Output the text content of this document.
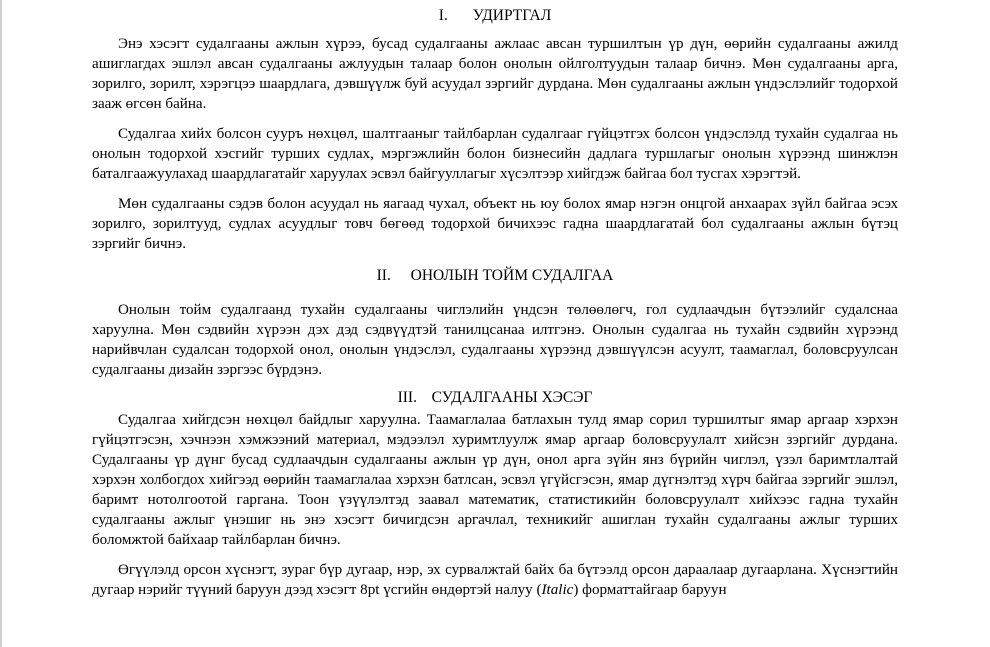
I. УДИРТГАЛ

Энэ хэсэгт судалгааны ажлын хүрээ, бусад судалгааны ажлаас авсан туршилтын үр дүн, өөрийн судалгааны ажилд ашиглагдах эшлэл авсан судалгааны ажлуудын талаар болон онолын ойлголтуудын талаар бичнэ. Мөн судалгааны арга, зорилго, зорилт, хэрэгцээ шаардлага, дэвшүүлж буй асуудал зэргийг дурдана. Мөн судалгааны ажлын үндэслэлийг тодорхой зааж өгсөн байна.

Судалгаа хийх болсон сууръ нөхцөл, шалтгааныг тайлбарлан судалгааг гүйцэтгэх болсон үндэслэлд тухайн судалгаа нь онолын тодорхой хэсгийг турших судлах, мэргэжлийн болон бизнесийн дадлага туршлагыг онолын хүрээнд шинжлэн баталгаажуулахад шаардлагатайг харуулах эсвэл байгууллагыг хүсэлтээр хийгдэж байгаа бол тусгах хэрэгтэй.

Мөн судалгааны сэдэв болон асуудал нь яагаад чухал, объект нь юу болох ямар нэгэн онцгой анхаарах зүйл байгаа эсэх зорилго, зорилтууд, судлах асуудлыг товч бөгөөд тодорхой бичихээс гадна шаардлагатай бол судалгааны ажлын бүтэц зэргийг бичнэ.

II. ОНОЛЫН ТОЙМ СУДАЛГАА

Онолын тойм судалгаанд тухайн судалгааны чиглэлийн үндсэн төлөөлөгч, гол судлаачдын бүтээлийг судалснаа харуулна. Мөн сэдвийн хүрээн дэх дэд сэдвүүдтэй танилцсанаа илтгэнэ. Онолын судалгаа нь тухайн сэдвийн хүрээнд нарийвчлан судалсан тодорхой онол, онолын үндэслэл, судалгааны хүрээнд дэвшүүлсэн асуулт, таамаглал, боловсруулсан судалгааны дизайн зэргээс бүрдэнэ.

III. СУДАЛГААНЫ ХЭСЭГ

Судалгаа хийгдсэн нөхцөл байдлыг харуулна. Таамаглалаа батлахын тулд ямар сорил туршилтыг ямар аргаар хэрхэн гүйцэтгэсэн, хэчнээн хэмжээний материал, мэдээлэл хуримтлуулж ямар аргаар боловсруулалт хийсэн зэргийг дурдана. Судалгааны үр дүнг бусад судлаачдын судалгааны ажлын үр дүн, онол арга зүйн янз бүрийн чиглэл, үзэл баримтлалтай хэрхэн холбогдох хийгээд өөрийн таамаглалаа хэрхэн батлсан, эсвэл үгүйсгэсэн, ямар дүгнэлтэд хүрч байгаа зэргийг эшлэл, баримт нотолгоотой гаргана. Тоон үзүүлэлтэд заавал математик, статистикийн боловсруулалт хийхээс гадна тухайн судалгааны ажлыг үнэшиг нь энэ хэсэгт бичигдсэн аргачлал, техникийг ашиглан тухайн судалгааны ажлыг турших боломжтой байхаар тайлбарлан бичнэ.

Өгүүлэлд орсон хүснэгт, зураг бүр дугаар, нэр, эх сурвалжтай байх ба бүтээлд орсон дараалаар дугаарлана. Хүснэгтийн дугаар нэрийг түүний баруун дээд хэсэгт 8pt үсгийн өндөртэй налуу (Italic) форматтайгаар баруун
